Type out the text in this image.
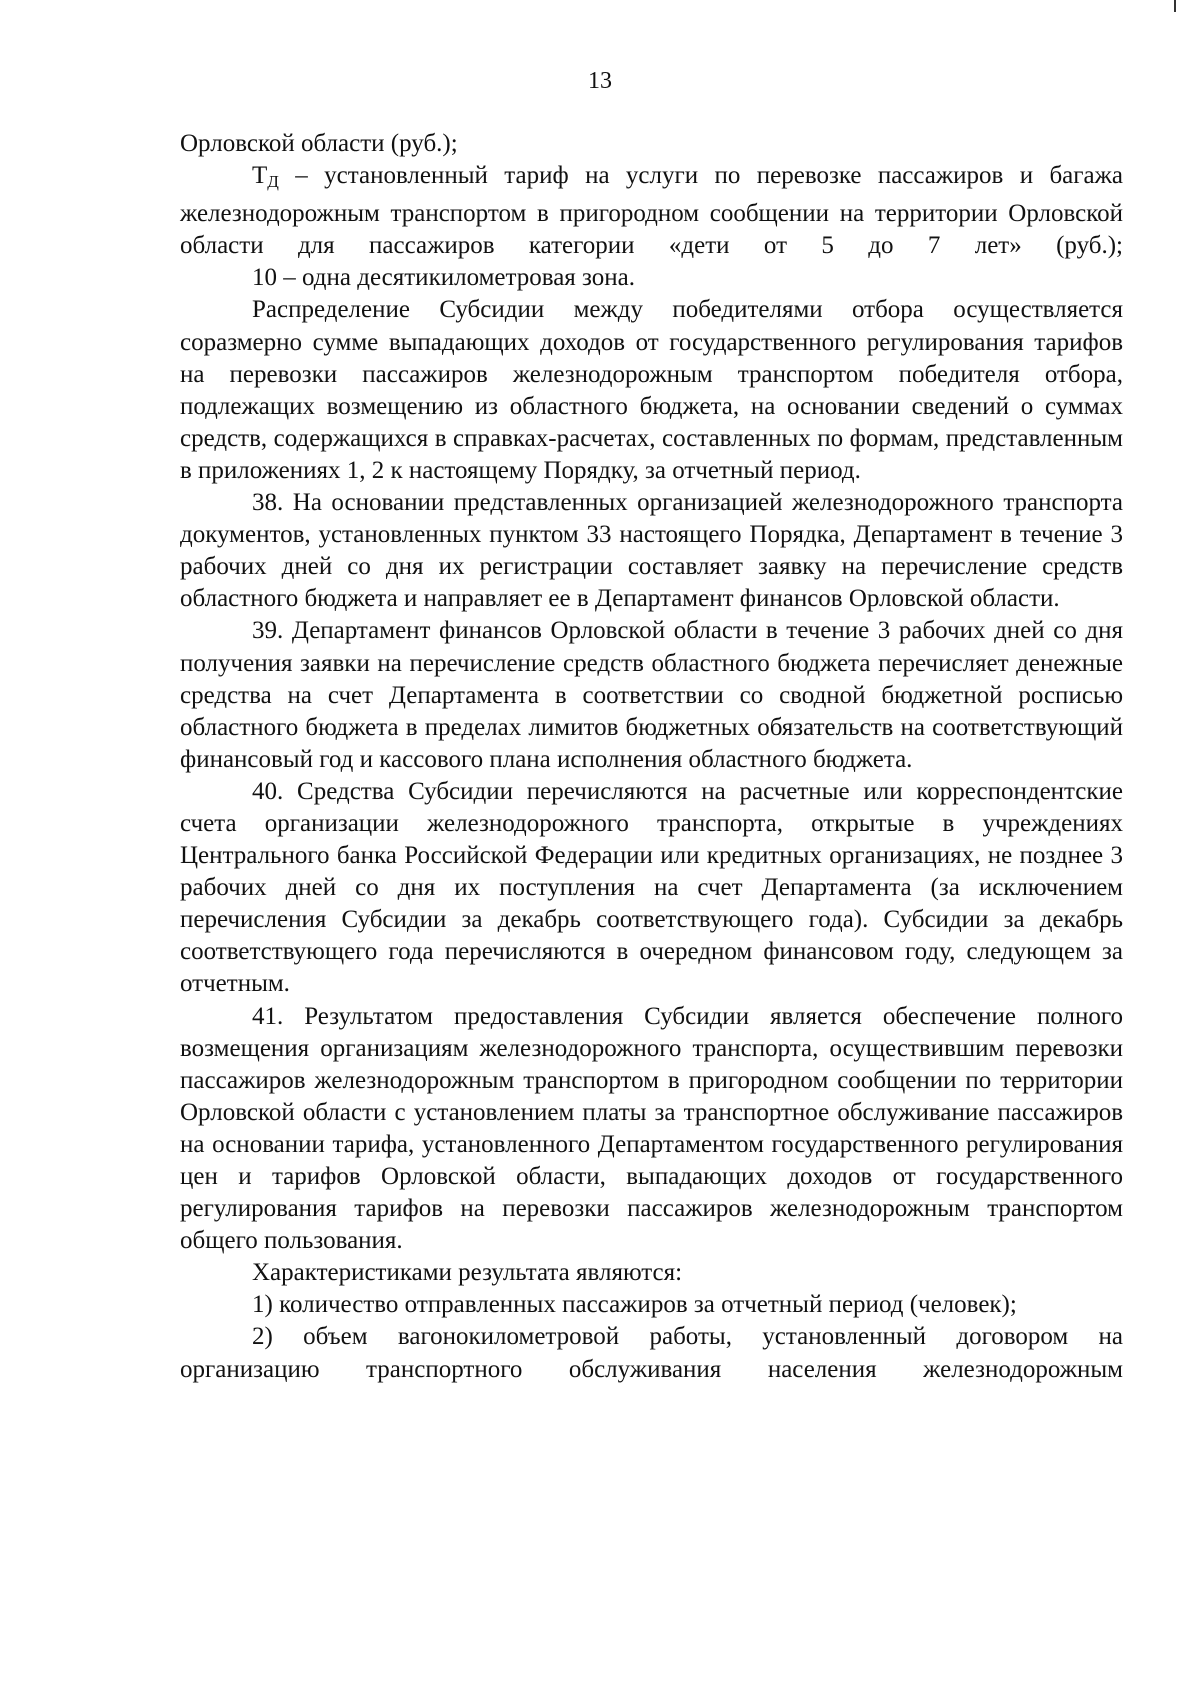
13

Орловской области (руб.);

$Т_Д$ – установленный тариф на услуги по перевозке пассажиров и багажа железнодорожным транспортом в пригородном сообщении на территории Орловской области для пассажиров категории «дети от 5 до 7 лет» (руб.);

10 – одна десятикилометровая зона.

Распределение Субсидии между победителями отбора осуществляется соразмерно сумме выпадающих доходов от государственного регулирования тарифов на перевозки пассажиров железнодорожным транспортом победителя отбора, подлежащих возмещению из областного бюджета, на основании сведений о суммах средств, содержащихся в справках-расчетах, составленных по формам, представленным в приложениях 1, 2 к настоящему Порядку, за отчетный период.

38. На основании представленных организацией железнодорожного транспорта документов, установленных пунктом 33 настоящего Порядка, Департамент в течение 3 рабочих дней со дня их регистрации составляет заявку на перечисление средств областного бюджета и направляет ее в Департамент финансов Орловской области.

39. Департамент финансов Орловской области в течение 3 рабочих дней со дня получения заявки на перечисление средств областного бюджета перечисляет денежные средства на счет Департамента в соответствии со сводной бюджетной росписью областного бюджета в пределах лимитов бюджетных обязательств на соответствующий финансовый год и кассового плана исполнения областного бюджета.

40. Средства Субсидии перечисляются на расчетные или корреспондентские счета организации железнодорожного транспорта, открытые в учреждениях Центрального банка Российской Федерации или кредитных организациях, не позднее 3 рабочих дней со дня их поступления на счет Департамента (за исключением перечисления Субсидии за декабрь соответствующего года). Субсидии за декабрь соответствующего года перечисляются в очередном финансовом году, следующем за отчетным.

41. Результатом предоставления Субсидии является обеспечение полного возмещения организациям железнодорожного транспорта, осуществившим перевозки пассажиров железнодорожным транспортом в пригородном сообщении по территории Орловской области с установлением платы за транспортное обслуживание пассажиров на основании тарифа, установленного Департаментом государственного регулирования цен и тарифов Орловской области, выпадающих доходов от государственного регулирования тарифов на перевозки пассажиров железнодорожным транспортом общего пользования.

Характеристиками результата являются:

1) количество отправленных пассажиров за отчетный период (человек);

2) объем вагонокилометровой работы, установленный договором на организацию транспортного обслуживания населения железнодорожным
